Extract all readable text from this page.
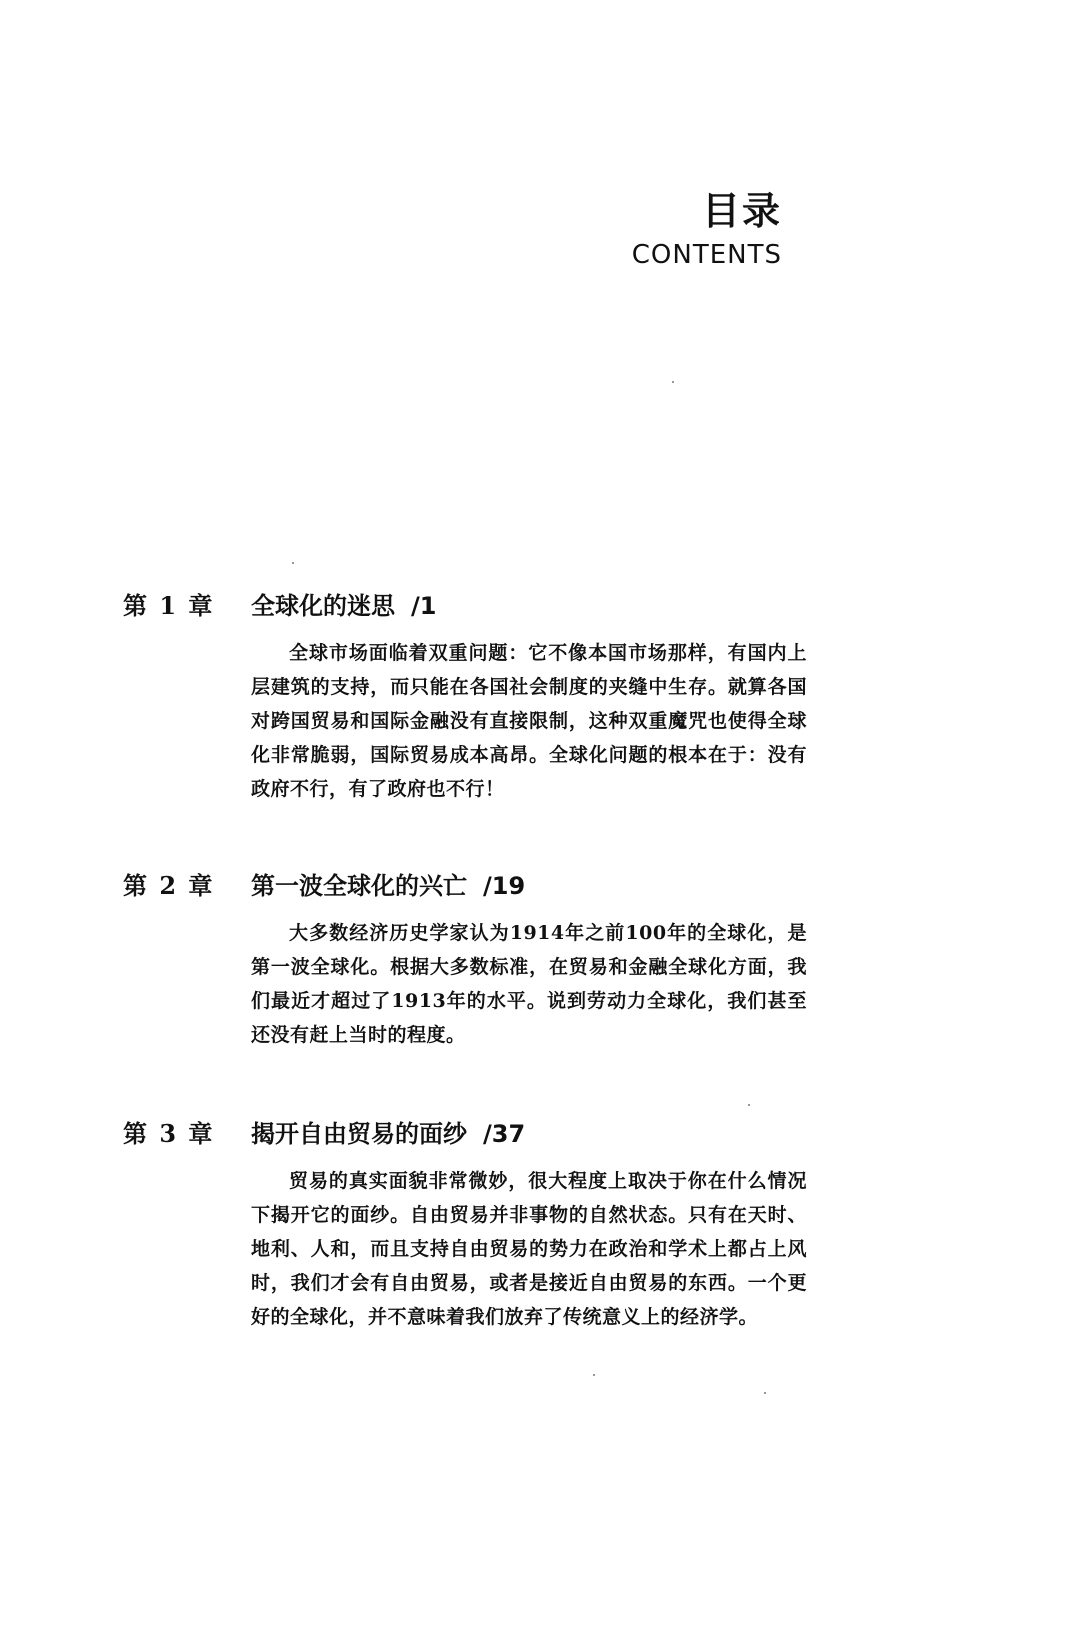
目录
CONTENTS
第 1 章	全球化的迷思 /1
全球市场面临着双重问题：它不像本国市场那样，有国内上层建筑的支持，而只能在各国社会制度的夹缝中生存。就算各国对跨国贸易和国际金融没有直接限制，这种双重魔咒也使得全球化非常脆弱，国际贸易成本高昂。全球化问题的根本在于：没有政府不行，有了政府也不行！
第 2 章	第一波全球化的兴亡 /19
大多数经济历史学家认为1914年之前100年的全球化，是第一波全球化。根据大多数标准，在贸易和金融全球化方面，我们最近才超过了1913年的水平。说到劳动力全球化，我们甚至还没有赶上当时的程度。
第 3 章	揭开自由贸易的面纱 /37
贸易的真实面貌非常微妙，很大程度上取决于你在什么情况下揭开它的面纱。自由贸易并非事物的自然状态。只有在天时、地利、人和，而且支持自由贸易的势力在政治和学术上都占上风时，我们才会有自由贸易，或者是接近自由贸易的东西。一个更好的全球化，并不意味着我们放弃了传统意义上的经济学。
